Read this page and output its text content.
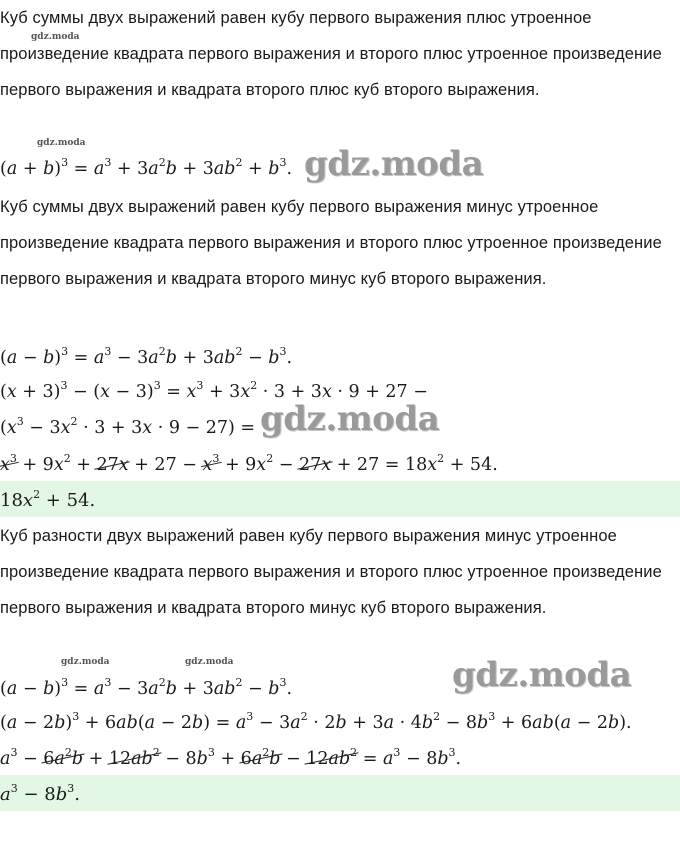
Куб суммы двух выражений равен кубу первого выражения плюс утроенное произведение квадрата первого выражения и второго плюс утроенное произведение первого выражения и квадрата второго плюс куб второго выражения.
$(a + b)^3 = a^3 + 3a^2b + 3ab^2 + b^3$.
Куб суммы двух выражений равен кубу первого выражения минус утроенное произведение квадрата первого выражения и второго плюс утроенное произведение первого выражения и квадрата второго минус куб второго выражения.
$(a - b)^3 = a^3 - 3a^2b + 3ab^2 - b^3$.
$(x + 3)^3 - (x - 3)^3 = x^3 + 3x^2 \cdot 3 + 3x \cdot 9 + 27$ −
$(x^3 - 3x^2 \cdot 3 + 3x \cdot 9 - 27)$ =
$x^3 + 9x^2 + 27x + 27 - x^3 + 9x^2 - 27x + 27 = 18x^2 + 54$.
$18x^2 + 54$.
Куб разности двух выражений равен кубу первого выражения минус утроенное произведение квадрата первого выражения и второго плюс утроенное произведение первого выражения и квадрата второго минус куб второго выражения.
$(a - b)^3 = a^3 - 3a^2b + 3ab^2 - b^3$.
$(a - 2b)^3 + 6ab(a - 2b) = a^3 - 3a^2 \cdot 2b + 3a \cdot 4b^2 - 8b^3 + 6ab(a - 2b)$.
$a^3 - 6a^2b + 12ab^2 - 8b^3 + 6a^2b - 12ab^2 = a^3 - 8b^3$.
$a^3 - 8b^3$.
gdz.moda
gdz.moda
gdz.moda
gdz.moda
gdz.moda	gdz.moda	gdz.moda
